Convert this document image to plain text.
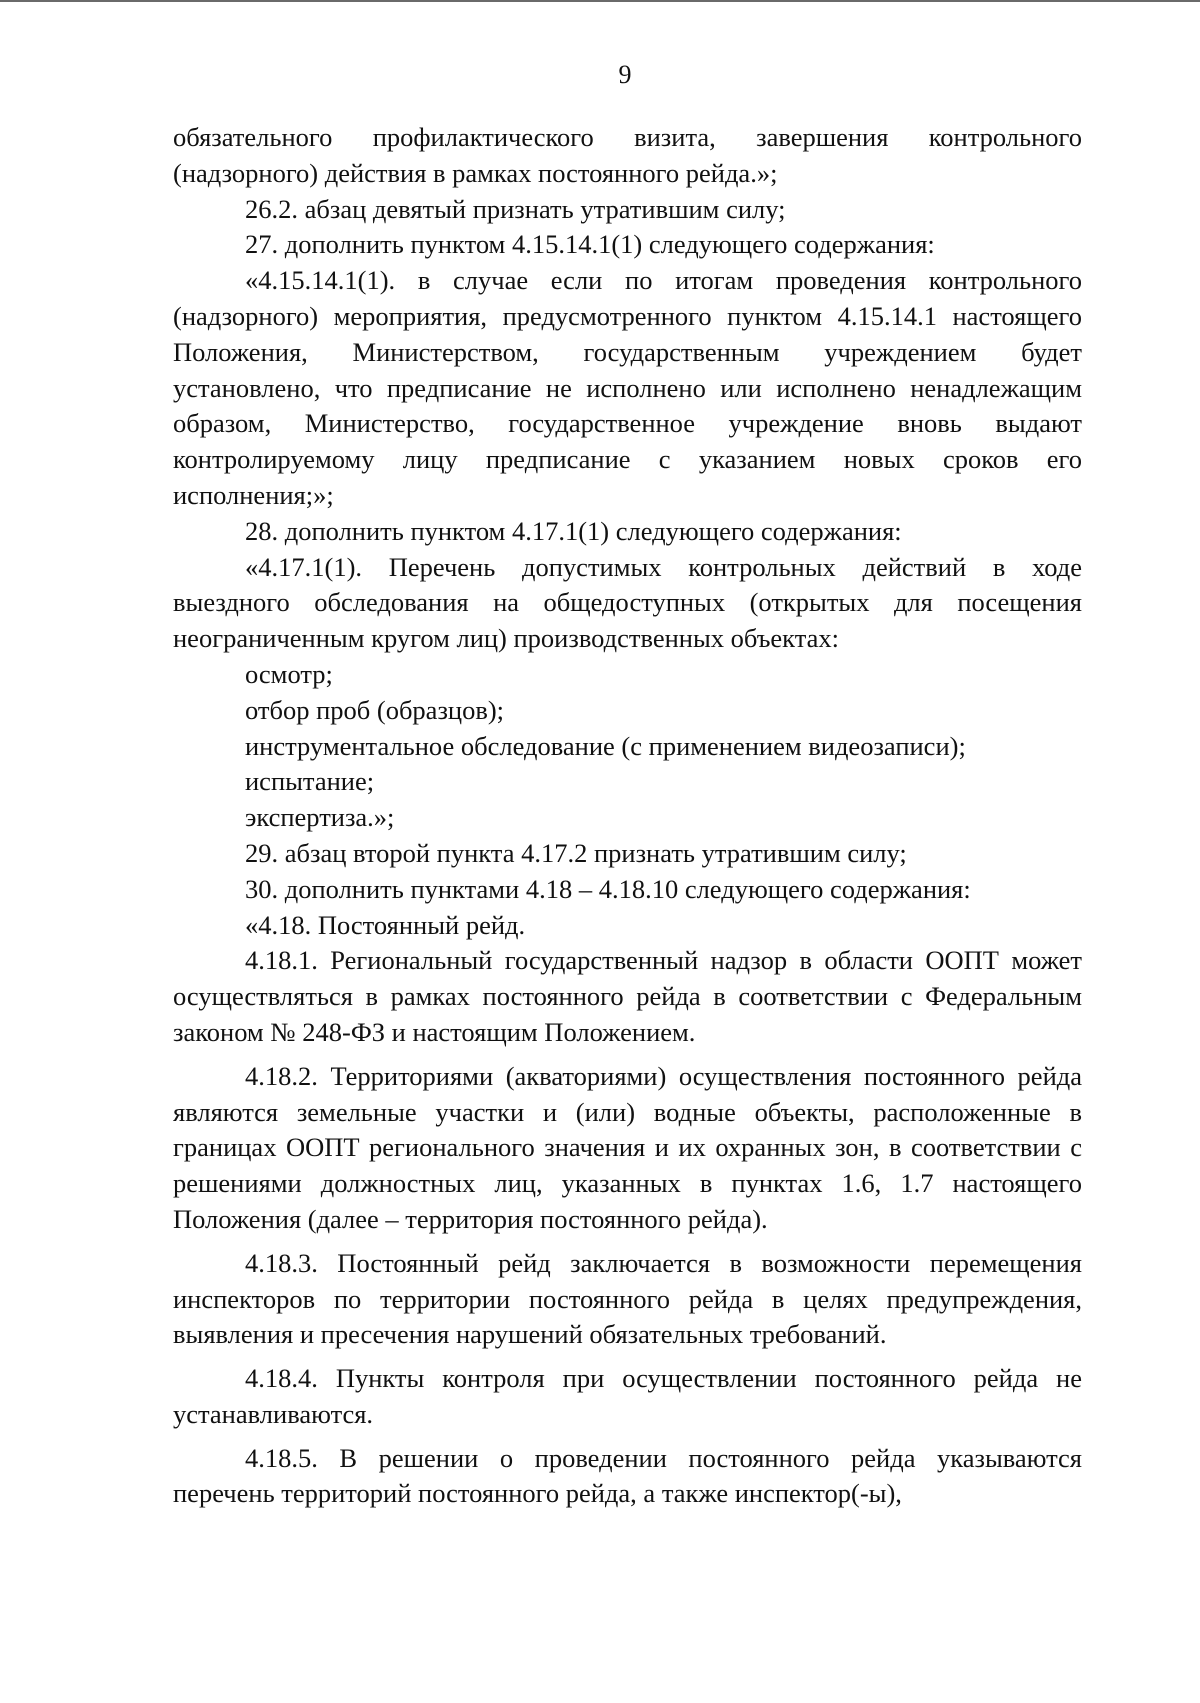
9

обязательного профилактического визита, завершения контрольного (надзорного) действия в рамках постоянного рейда.»;

26.2. абзац девятый признать утратившим силу;

27. дополнить пунктом 4.15.14.1(1) следующего содержания:

«4.15.14.1(1). в случае если по итогам проведения контрольного (надзорного) мероприятия, предусмотренного пунктом 4.15.14.1 настоящего Положения, Министерством, государственным учреждением будет установлено, что предписание не исполнено или исполнено ненадлежащим образом, Министерство, государственное учреждение вновь выдают контролируемому лицу предписание с указанием новых сроков его исполнения;»;

28. дополнить пунктом 4.17.1(1) следующего содержания:

«4.17.1(1). Перечень допустимых контрольных действий в ходе выездного обследования на общедоступных (открытых для посещения неограниченным кругом лиц) производственных объектах:

осмотр;

отбор проб (образцов);

инструментальное обследование (с применением видеозаписи);

испытание;

экспертиза.»;

29. абзац второй пункта 4.17.2 признать утратившим силу;

30. дополнить пунктами 4.18 – 4.18.10 следующего содержания:

«4.18. Постоянный рейд.

4.18.1. Региональный государственный надзор в области ООПТ может осуществляться в рамках постоянного рейда в соответствии с Федеральным законом № 248-ФЗ и настоящим Положением.

4.18.2. Территориями (акваториями) осуществления постоянного рейда являются земельные участки и (или) водные объекты, расположенные в границах ООПТ регионального значения и их охранных зон, в соответствии с решениями должностных лиц, указанных в пунктах 1.6, 1.7 настоящего Положения (далее – территория постоянного рейда).

4.18.3. Постоянный рейд заключается в возможности перемещения инспекторов по территории постоянного рейда в целях предупреждения, выявления и пресечения нарушений обязательных требований.

4.18.4. Пункты контроля при осуществлении постоянного рейда не устанавливаются.

4.18.5. В решении о проведении постоянного рейда указываются перечень территорий постоянного рейда, а также инспектор(-ы),
